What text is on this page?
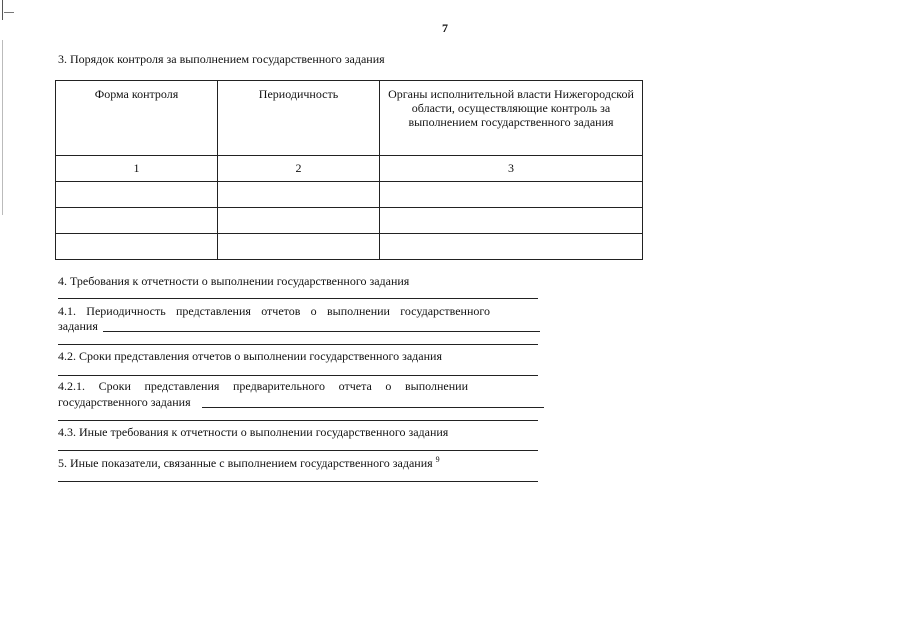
7
3. Порядок контроля за выполнением государственного задания
Форма контроля	Периодичность	Органы исполнительной власти Нижегородской области, осуществляющие контроль за выполнением государственного задания
1	2	3

4. Требования к отчетности о выполнении государственного задания
4.1. Периодичность представления отчетов о выполнении государственного
задания
4.2. Сроки представления отчетов о выполнении государственного задания
4.2.1. Сроки представления предварительного отчета о выполнении
государственного задания
4.3. Иные требования к отчетности о выполнении государственного задания
5. Иные показатели, связанные с выполнением государственного задания $^9$
